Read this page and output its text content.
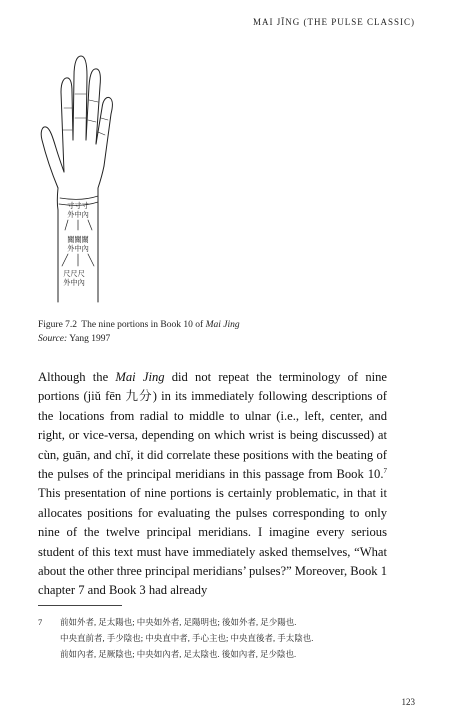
MAI JĪNG (THE PULSE CLASSIC)
寸寸寸
外中內
關關關
外中內
尺尺尺
外中內
Figure 7.2 The nine portions in Book 10 of Mai Jing
Source: Yang 1997

Although the Mai Jing did not repeat the terminology of nine portions (jiǔ fēn 九分) in its immediately following descriptions of the locations from radial to middle to ulnar (i.e., left, center, and right, or vice-versa, depending on which wrist is being discussed) at cùn, guān, and chǐ, it did correlate these positions with the beating of the pulses of the principal meridians in this passage from Book 10.$^7$ This presentation of nine portions is certainly problematic, in that it allocates positions for evaluating the pulses corresponding to only nine of the twelve principal meridians. I imagine every serious student of this text must have immediately asked themselves, “What about the other three principal meridians’ pulses?” Moreover, Book 1 chapter 7 and Book 3 had already

7 前如外者, 足太陽也; 中央如外者, 足陽明也; 後如外者, 足少陽也.
中央直前者, 手少陰也; 中央直中者, 手心主也; 中央直後者, 手太陰也.
前如內者, 足厥陰也; 中央如內者, 足太陰也. 後如內者, 足少陰也.
123
